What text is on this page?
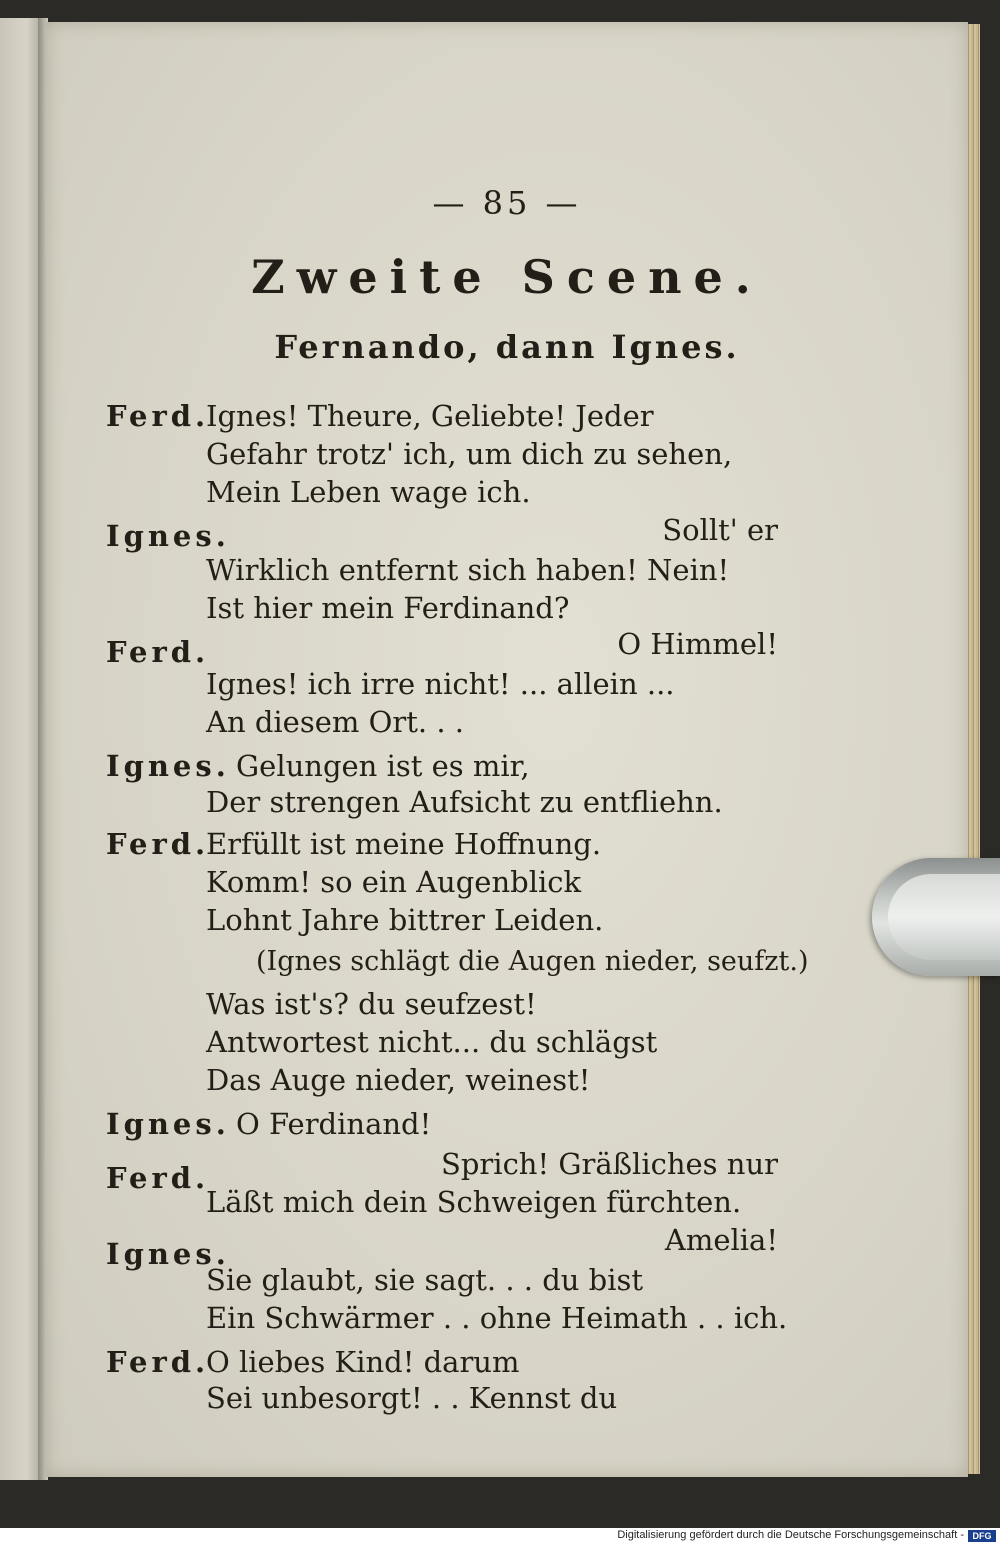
— 85 —
Zweite Scene.
Fernando, dann Ignes.
Ferd.
Ignes! Theure, Geliebte! Jeder
Gefahr trotz' ich, um dich zu sehen,
Mein Leben wage ich.
Ignes.	Sollt' er
Wirklich entfernt sich haben! Nein!
Ist hier mein Ferdinand?
Ferd.	O Himmel!
Ignes! ich irre nicht! ... allein ...
An diesem Ort. . .
Ignes. Gelungen ist es mir,
Der strengen Aufsicht zu entfliehn.
Ferd.
Erfüllt ist meine Hoffnung.
Komm! so ein Augenblick
Lohnt Jahre bittrer Leiden.
(Ignes schlägt die Augen nieder, seufzt.)
Was ist's? du seufzest!
Antwortest nicht... du schlägst
Das Auge nieder, weinest!
Ignes. O Ferdinand!
Ferd.	Sprich! Gräßliches nur
Läßt mich dein Schweigen fürchten.
Ignes.	Amelia!
Sie glaubt, sie sagt. . . du bist
Ein Schwärmer . . ohne Heimath . . ich.
Ferd.
O liebes Kind! darum
Sei unbesorgt! . . Kennst du
Digitalisierung gefördert durch die Deutsche Forschungsgemeinschaft - DFG
